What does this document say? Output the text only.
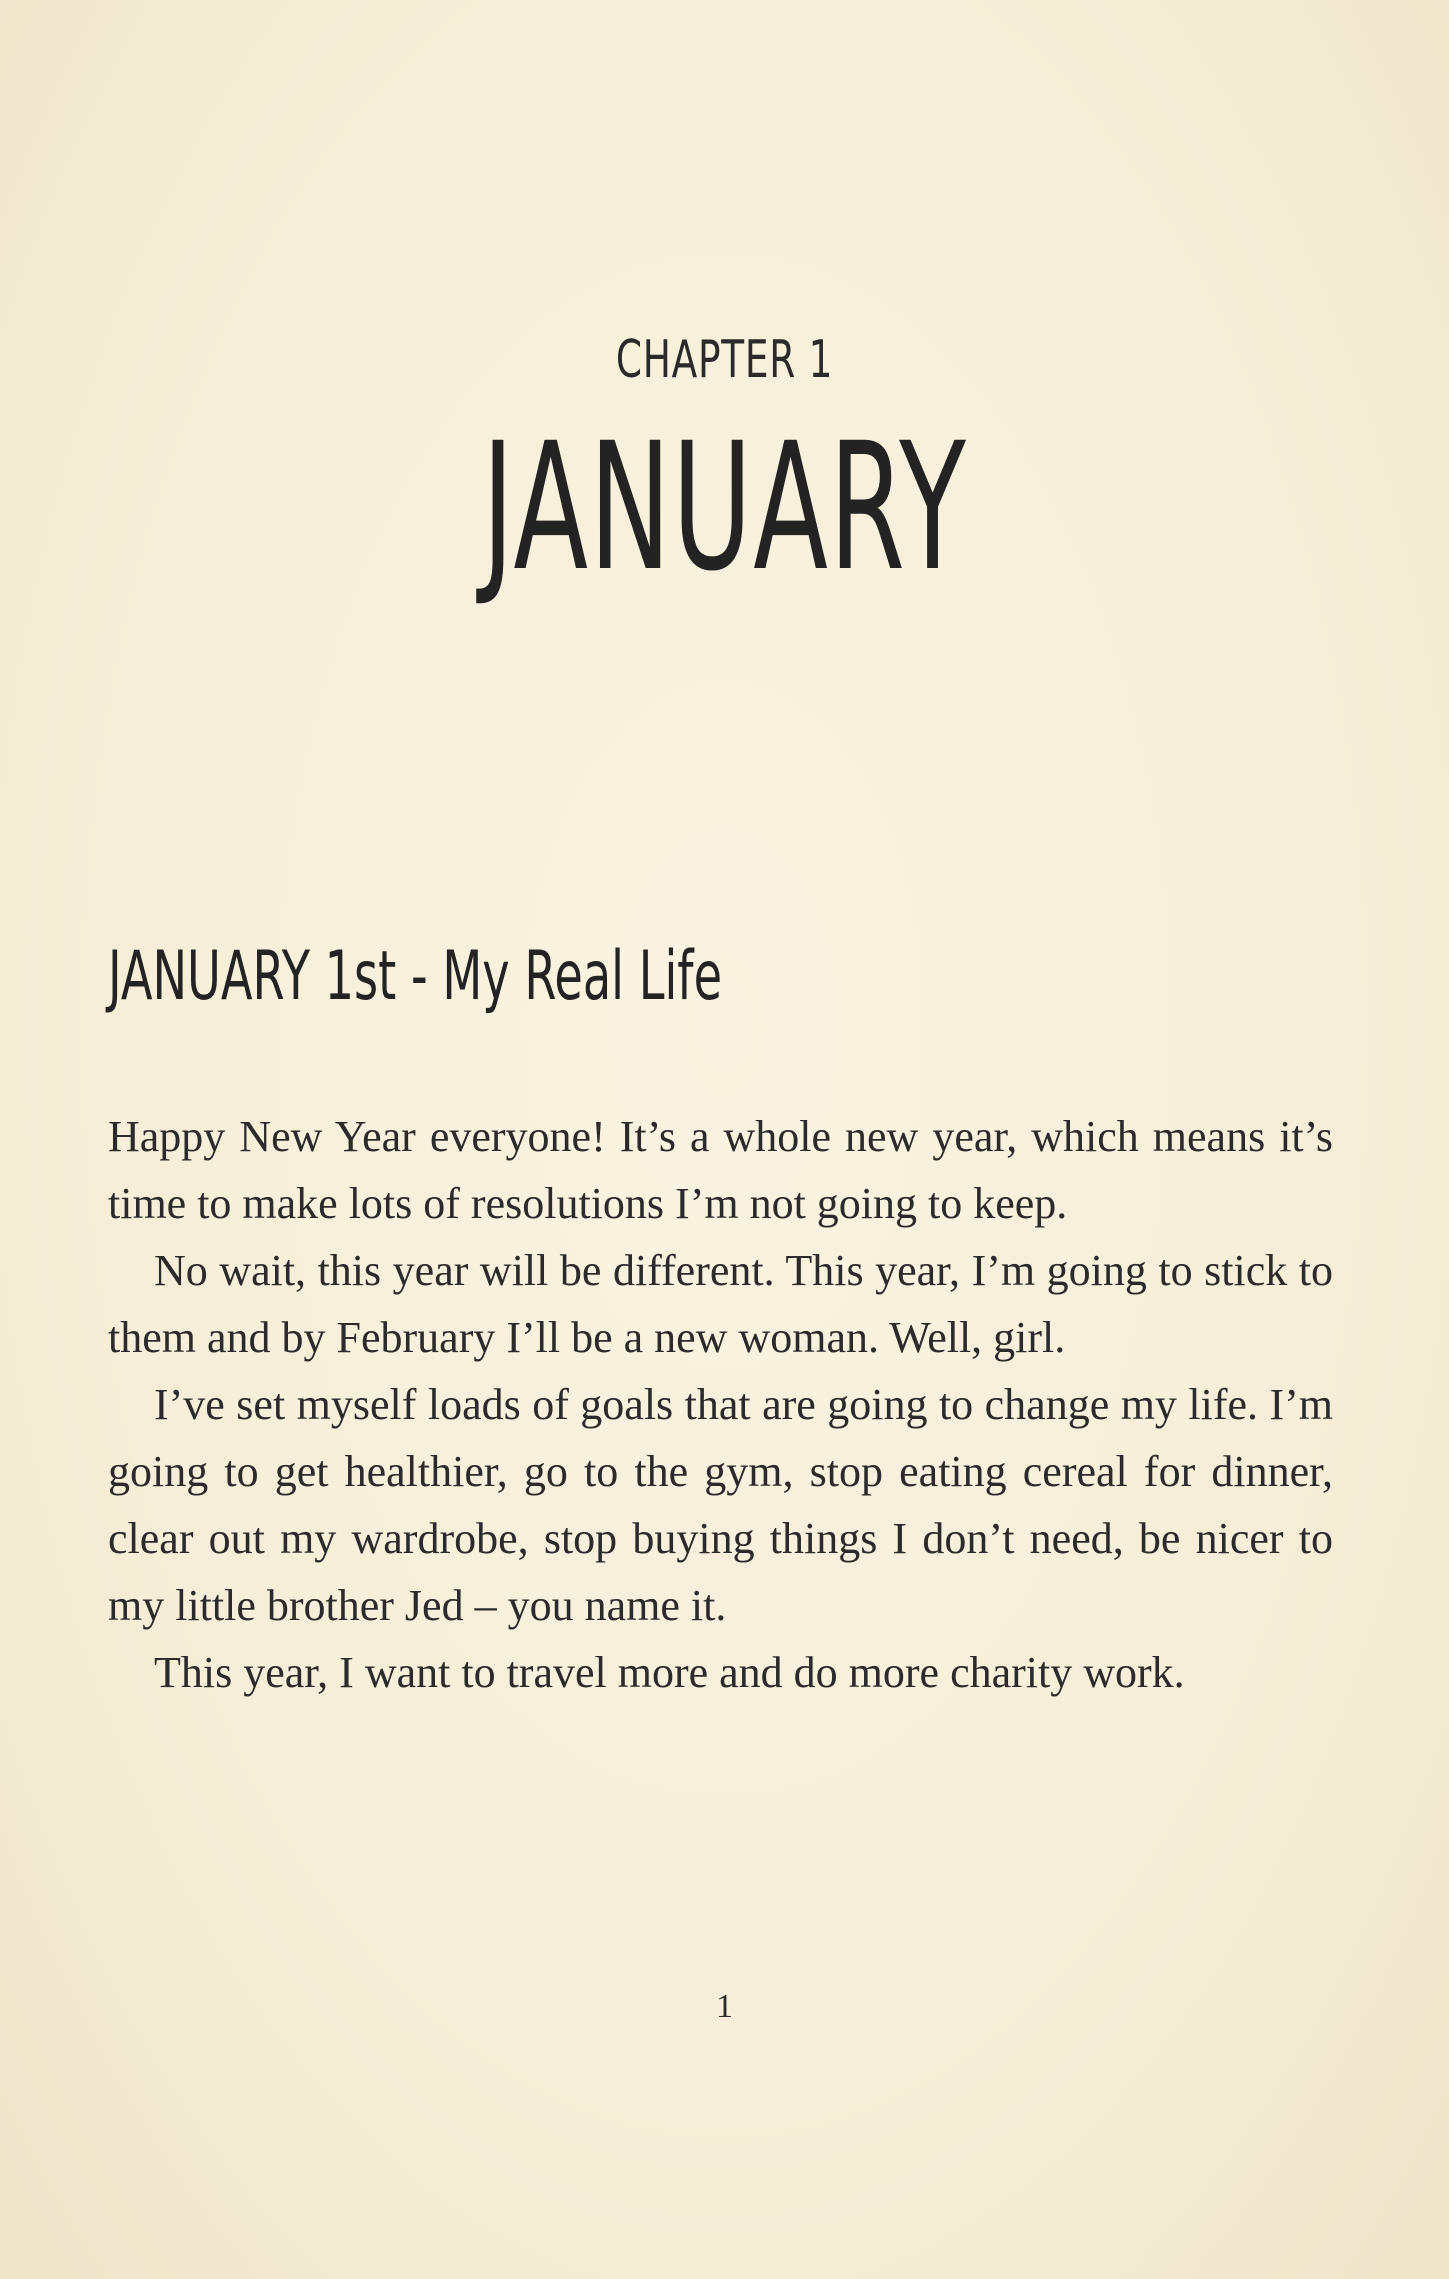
CHAPTER 1
JANUARY
JANUARY 1st - My Real Life

Happy New Year everyone! It’s a whole new year, which means it’s time to make lots of resolutions I’m not going to keep.

No wait, this year will be different. This year, I’m going to stick to them and by February I’ll be a new woman. Well, girl.

I’ve set myself loads of goals that are going to change my life. I’m going to get healthier, go to the gym, stop eating cereal for dinner, clear out my wardrobe, stop buying things I don’t need, be nicer to my little brother Jed – you name it.

This year, I want to travel more and do more charity work.

1
